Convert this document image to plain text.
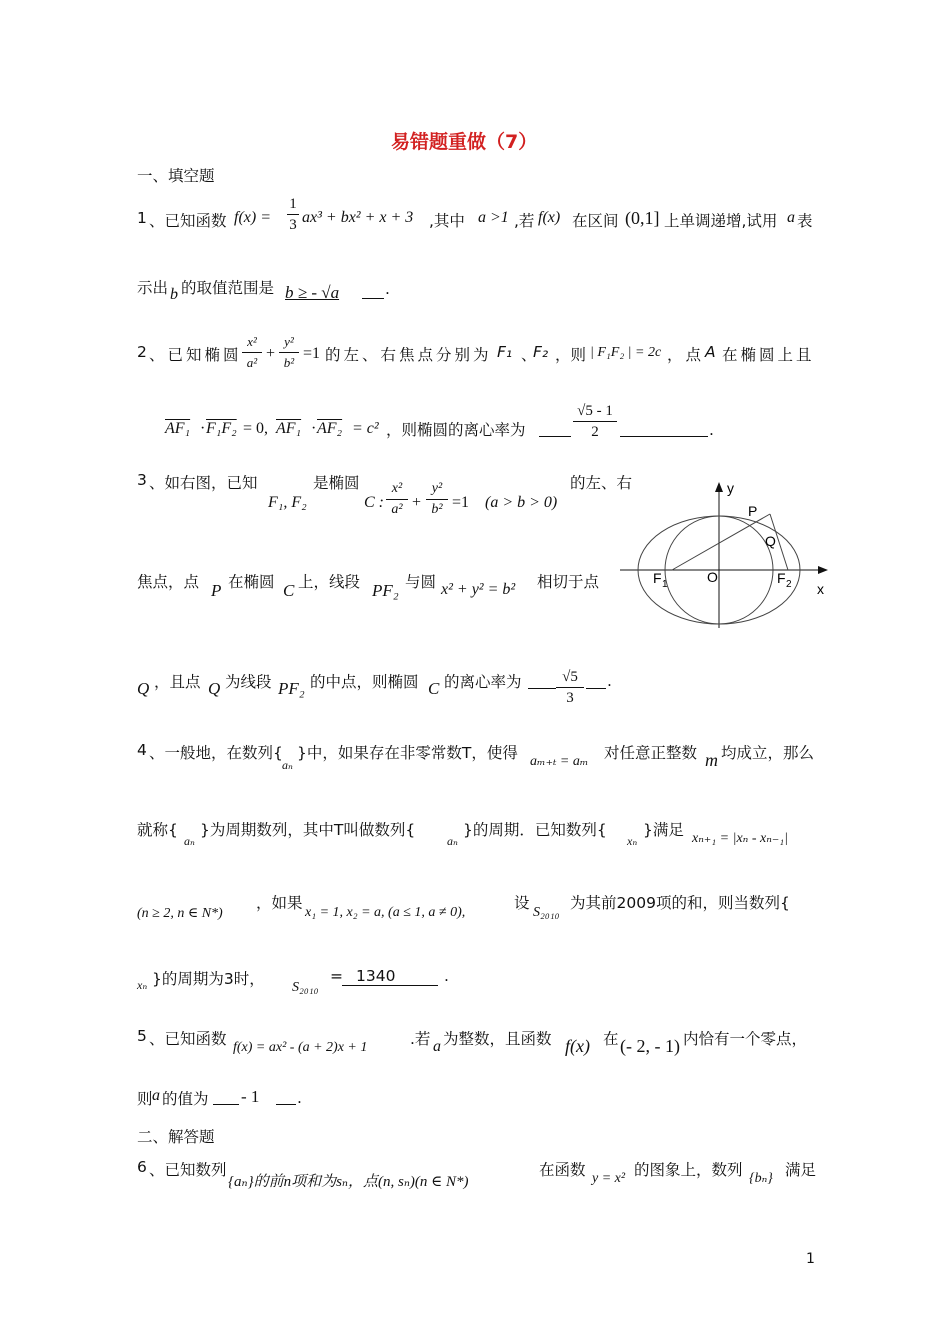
易错题重做（7）
一、填空题
1 、已知函数 f(x) =
1
3 ax³ + bx² + x + 3 ,其中 a >1 ,若 f(x) 在区间 (0,1] 上单调递增,试用 a 表
示出 b 的取值范围是 b ≥ - √a	.
2 、已知椭圆
x²
a²
+
y²
b²
=1 的左、右焦点分别为 F₁ 、
F₂ ，则 | F₁F₂ | = 2c ，点 A 在椭圆上且
AF₁ · F₁F₂ = 0, AF₁ · AF₂ = c² ，则椭圆的离心率为
√5 - 1
2	.
3 、如右图，已知
F₁, F₂
是椭圆
C :
x²
a² +
y²
b² =1 (a > b > 0)
的左、右
焦点，点 P 在椭圆 C 上，线段 PF₂ 与圆 x² + y² = b² 相切于点
Q ，且点 Q 为线段 PF₂ 的中点，则椭圆 C 的离心率为	√5
3
.
y
x
P
Q
O
F 1	F 2
4 、一般地，在数列{
aₙ
}中，如果存在非零常数T，使得 aₘ₊ₜ = aₘ 对任意正整数 m 均成立，那么
就称{
aₙ
}为周期数列，其中T叫做数列{
aₙ
}的周期．已知数列{
xₙ
}满足 xₙ₊₁ = |xₙ - xₙ₋₁|
(n ≥ 2, n ∈ N*)
，如果
x₁ = 1, x₂ = a, (a ≤ 1, a ≠ 0),
设
S₂₀₁₀
为其前2009项的和，则当数列{
xₙ }的周期为3时， S₂₀₁₀
= 1340	.
5 、已知函数 f(x) = ax² - (a + 2)x + 1	.若 a 为整数，且函数 f(x) 在 (- 2, - 1) 内恰有一个零点，
则 a 的值为 - 1 .
二、解答题
6 、已知数列
{aₙ}的前n项和为sₙ，点(n, sₙ)(n ∈ N*)
在函数 y = x² 的图象上，数列 {bₙ} 满足
1
